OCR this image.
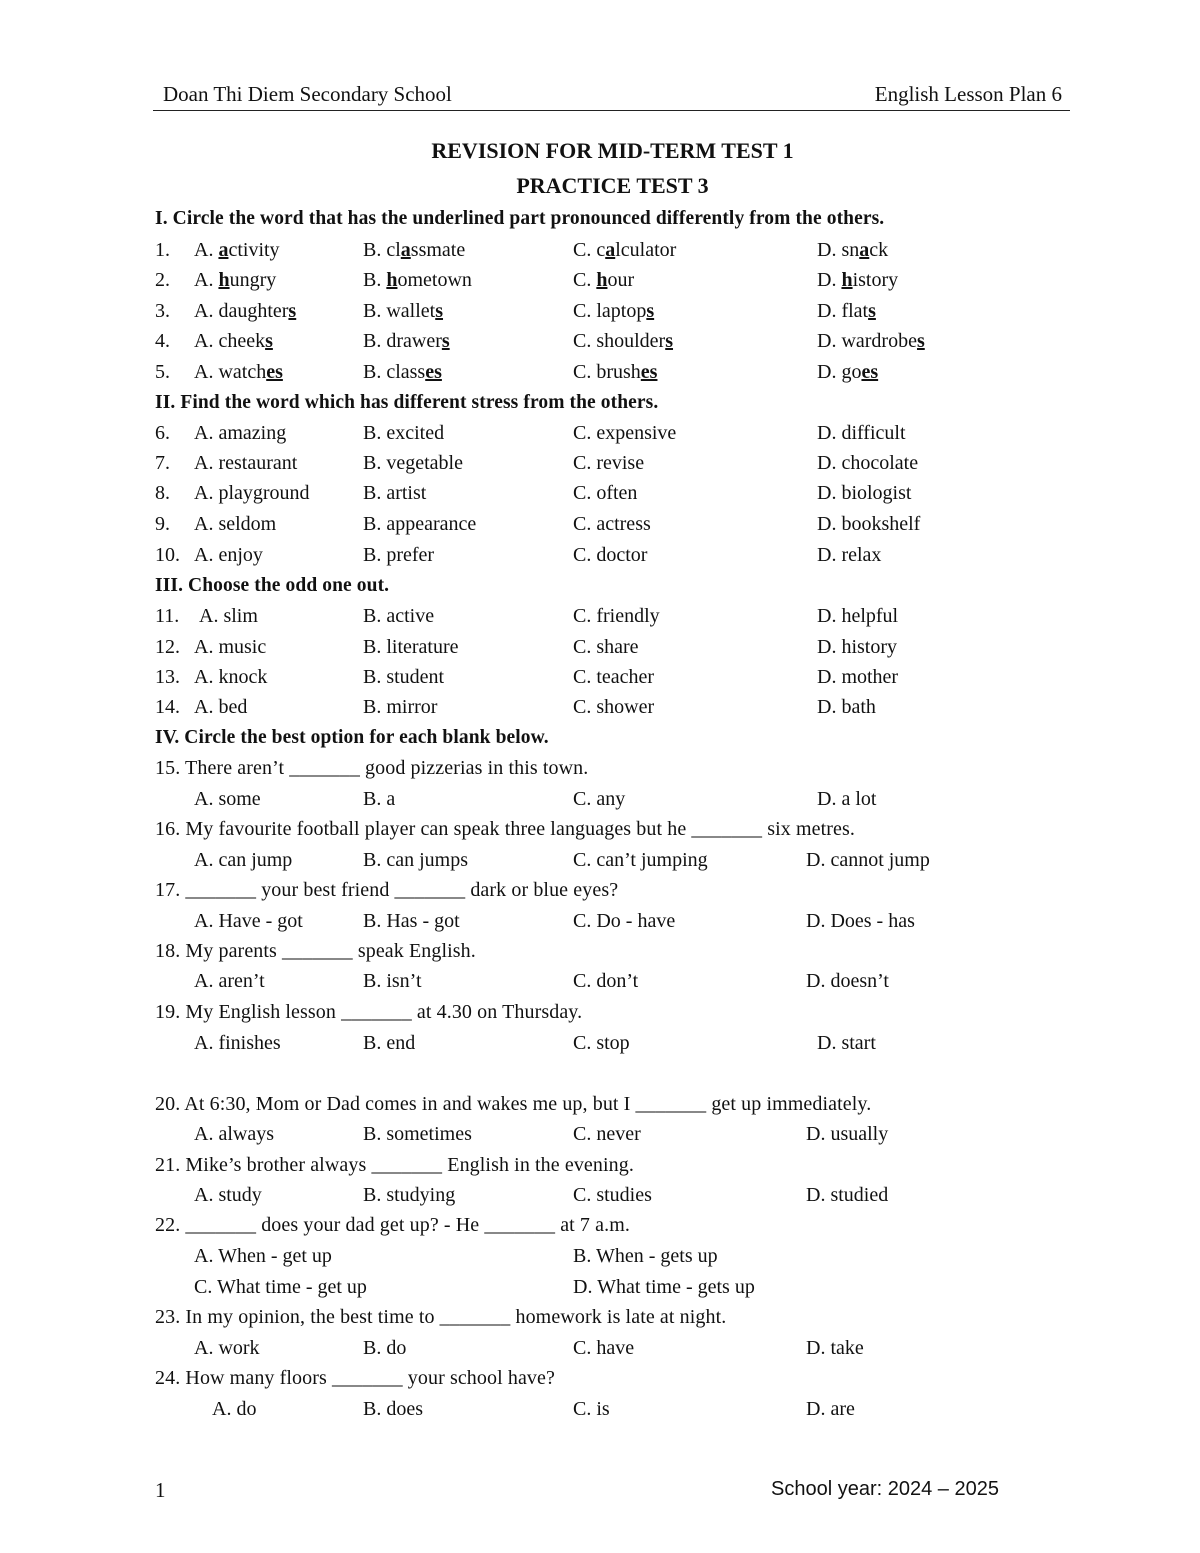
Doan Thi Diem Secondary School	English Lesson Plan 6
REVISION FOR MID-TERM TEST 1
PRACTICE TEST 3
I. Circle the word that has the underlined part pronounced differently from the others.
1. A. activity	B. classmate	C. calculator	D. snack
2. A. hungry	B. hometown	C. hour	D. history
3. A. daughters	B. wallets	C. laptops	D. flats
4. A. cheeks	B. drawers	C. shoulders	D. wardrobes
5. A. watches	B. classes	C. brushes	D. goes
II. Find the word which has different stress from the others.
6. A. amazing	B. excited	C. expensive	D. difficult
7. A. restaurant	B. vegetable	C. revise	D. chocolate
8. A. playground	B. artist	C. often	D. biologist
9. A. seldom	B. appearance	C. actress	D. bookshelf
10. A. enjoy	B. prefer	C. doctor	D. relax
III. Choose the odd one out.
11. A. slim	B. active	C. friendly	D. helpful
12. A. music	B. literature	C. share	D. history
13. A. knock	B. student	C. teacher	D. mother
14. A. bed	B. mirror	C. shower	D. bath
IV. Circle the best option for each blank below.
15. There aren’t _______ good pizzerias in this town.
A. some	B. a	C. any	D. a lot
16. My favourite football player can speak three languages but he _______ six metres.
A. can jump	B. can jumps	C. can’t jumping	D. cannot jump
17. _______ your best friend _______ dark or blue eyes?
A. Have - got	B. Has - got	C. Do - have	D. Does - has
18. My parents _______ speak English.
A. aren’t	B. isn’t	C. don’t	D. doesn’t
19. My English lesson _______ at 4.30 on Thursday.
A. finishes	B. end	C. stop	D. start
20. At 6:30, Mom or Dad comes in and wakes me up, but I _______ get up immediately.
A. always	B. sometimes	C. never	D. usually
21. Mike’s brother always _______ English in the evening.
A. study	B. studying	C. studies	D. studied
22. _______ does your dad get up? - He _______ at 7 a.m.
A. When - get up	B. When - gets up
C. What time - get up	D. What time - gets up
23. In my opinion, the best time to _______ homework is late at night.
A. work	B. do	C. have	D. take
24. How many floors _______ your school have?
A. do	B. does	C. is	D. are
1	School year: 2024 – 2025
